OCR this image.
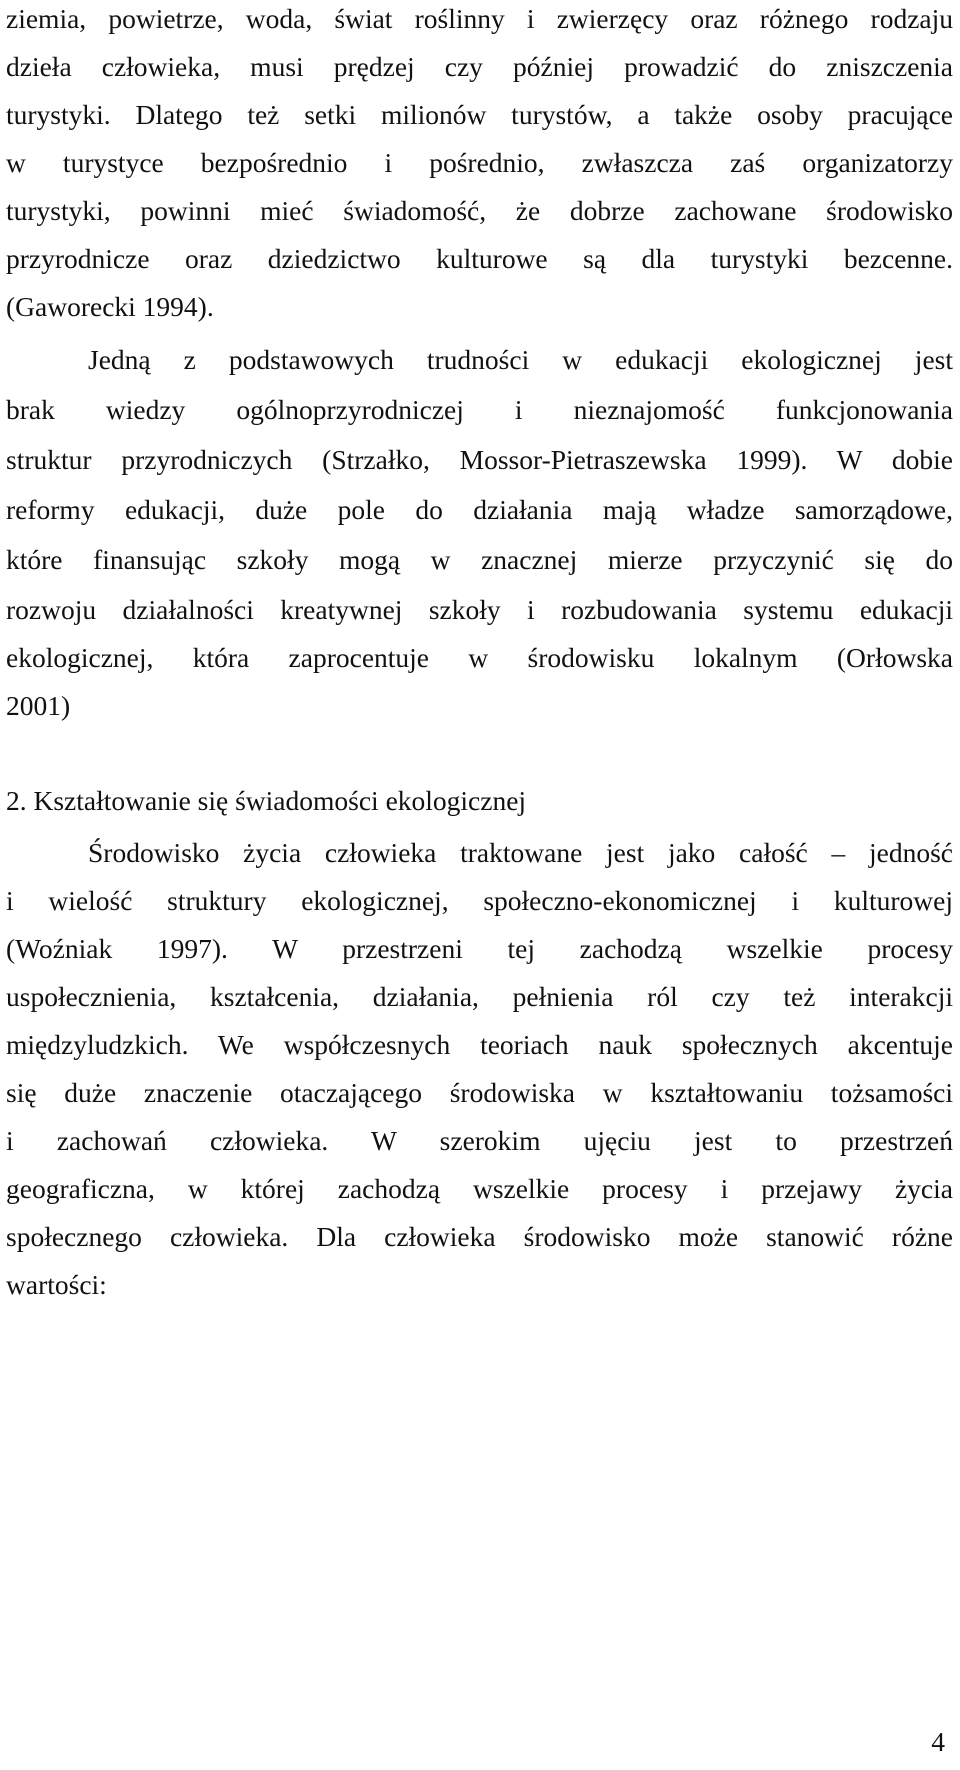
ziemia, powietrze, woda, świat roślinny i zwierzęcy oraz różnego rodzaju
dzieła człowieka, musi prędzej czy później prowadzić do zniszczenia
turystyki. Dlatego też setki milionów turystów, a także osoby pracujące
w turystyce bezpośrednio i pośrednio, zwłaszcza zaś organizatorzy
turystyki, powinni mieć świadomość, że dobrze zachowane środowisko
przyrodnicze oraz dziedzictwo kulturowe są dla turystyki bezcenne.
(Gaworecki 1994).
Jedną z podstawowych trudności w edukacji ekologicznej jest
brak wiedzy ogólnoprzyrodniczej i nieznajomość funkcjonowania
struktur przyrodniczych (Strzałko, Mossor-Pietraszewska 1999). W dobie
reformy edukacji, duże pole do działania mają władze samorządowe,
które finansując szkoły mogą w znacznej mierze przyczynić się do
rozwoju działalności kreatywnej szkoły i rozbudowania systemu edukacji
ekologicznej, która zaprocentuje w środowisku lokalnym (Orłowska
2001)
2. Kształtowanie się świadomości ekologicznej
Środowisko życia człowieka traktowane jest jako całość – jedność
i wielość struktury ekologicznej, społeczno-ekonomicznej i kulturowej
(Woźniak 1997). W przestrzeni tej zachodzą wszelkie procesy
uspołecznienia, kształcenia, działania, pełnienia ról czy też interakcji
międzyludzkich. We współczesnych teoriach nauk społecznych akcentuje
się duże znaczenie otaczającego środowiska w kształtowaniu tożsamości
i zachowań człowieka. W szerokim ujęciu jest to przestrzeń
geograficzna, w której zachodzą wszelkie procesy i przejawy życia
społecznego człowieka. Dla człowieka środowisko może stanowić różne
wartości:
4
